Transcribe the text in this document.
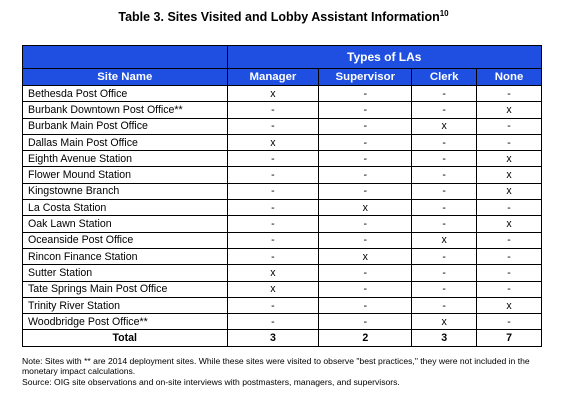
Table 3. Sites Visited and Lobby Assistant Information$^{10}$
	Types of LAs			
Site Name	Manager	Supervisor	Clerk	None
Bethesda Post Office	x	-	-	-
Burbank Downtown Post Office**	-	-	-	x
Burbank Main Post Office	-	-	x	-
Dallas Main Post Office	x	-	-	-
Eighth Avenue Station	-	-	-	x
Flower Mound Station	-	-	-	x
Kingstowne Branch	-	-	-	x
La Costa Station	-	x	-	-
Oak Lawn Station	-	-	-	x
Oceanside Post Office	-	-	x	-
Rincon Finance Station	-	x	-	-
Sutter Station	x	-	-	-
Tate Springs Main Post Office	x	-	-	-
Trinity River Station	-	-	-	x
Woodbridge Post Office**	-	-	x	-
Total	3	2	3	7
Note: Sites with ** are 2014 deployment sites. While these sites were visited to observe "best practices," they were not included in the monetary impact calculations.
Source: OIG site observations and on-site interviews with postmasters, managers, and supervisors.
